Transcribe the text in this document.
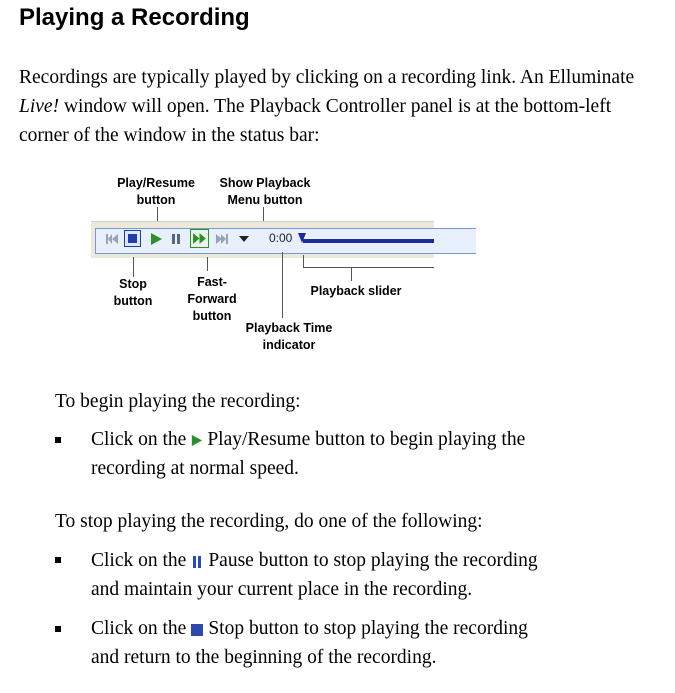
Playing a Recording
Recordings are typically played by clicking on a recording link. An Elluminate Live! window will open. The Playback Controller panel is at the bottom-left corner of the window in the status bar:
Play/Resume
button
Show Playback
Menu button
0:00
Stop
button
Fast-
Forward
button
Playback slider
Playback Time
indicator
To begin playing the recording:
Click on the Play/Resume button to begin playing the
recording at normal speed.
To stop playing the recording, do one of the following:
Click on the Pause button to stop playing the recording
and maintain your current place in the recording.
Click on the Stop button to stop playing the recording
and return to the beginning of the recording.
